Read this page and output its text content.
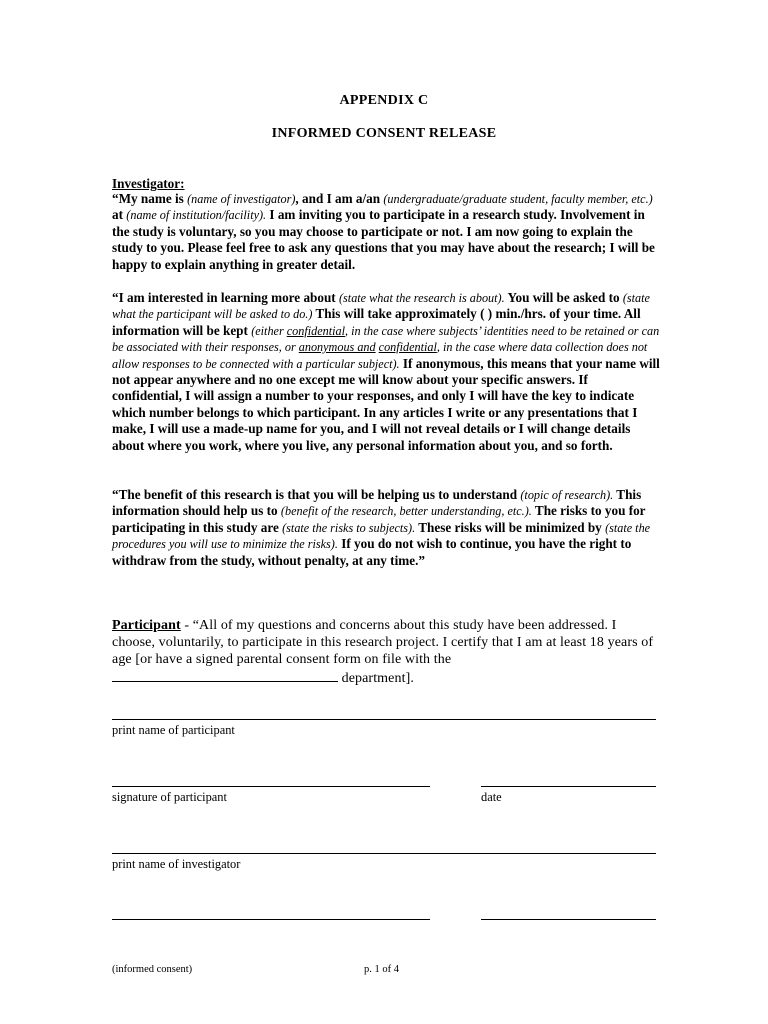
APPENDIX C
INFORMED CONSENT RELEASE
Investigator:
“My name is (name of investigator), and I am a/an (undergraduate/graduate student, faculty member, etc.) at (name of institution/facility). I am inviting you to participate in a research study. Involvement in the study is voluntary, so you may choose to participate or not. I am now going to explain the study to you. Please feel free to ask any questions that you may have about the research; I will be happy to explain anything in greater detail.
“I am interested in learning more about (state what the research is about). You will be asked to (state what the participant will be asked to do.) This will take approximately ( ) min./hrs. of your time. All information will be kept (either confidential, in the case where subjects’ identities need to be retained or can be associated with their responses, or anonymous and confidential, in the case where data collection does not allow responses to be connected with a particular subject). If anonymous, this means that your name will not appear anywhere and no one except me will know about your specific answers. If confidential, I will assign a number to your responses, and only I will have the key to indicate which number belongs to which participant. In any articles I write or any presentations that I make, I will use a made-up name for you, and I will not reveal details or I will change details about where you work, where you live, any personal information about you, and so forth.
“The benefit of this research is that you will be helping us to understand (topic of research). This information should help us to (benefit of the research, better understanding, etc.). The risks to you for participating in this study are (state the risks to subjects). These risks will be minimized by (state the procedures you will use to minimize the risks). If you do not wish to continue, you have the right to withdraw from the study, without penalty, at any time.”
Participant - “All of my questions and concerns about this study have been addressed. I choose, voluntarily, to participate in this research project. I certify that I am at least 18 years of age [or have a signed parental consent form on file with the department].
print name of participant
signature of participant	date
print name of investigator
(informed consent)	p. 1 of 4
